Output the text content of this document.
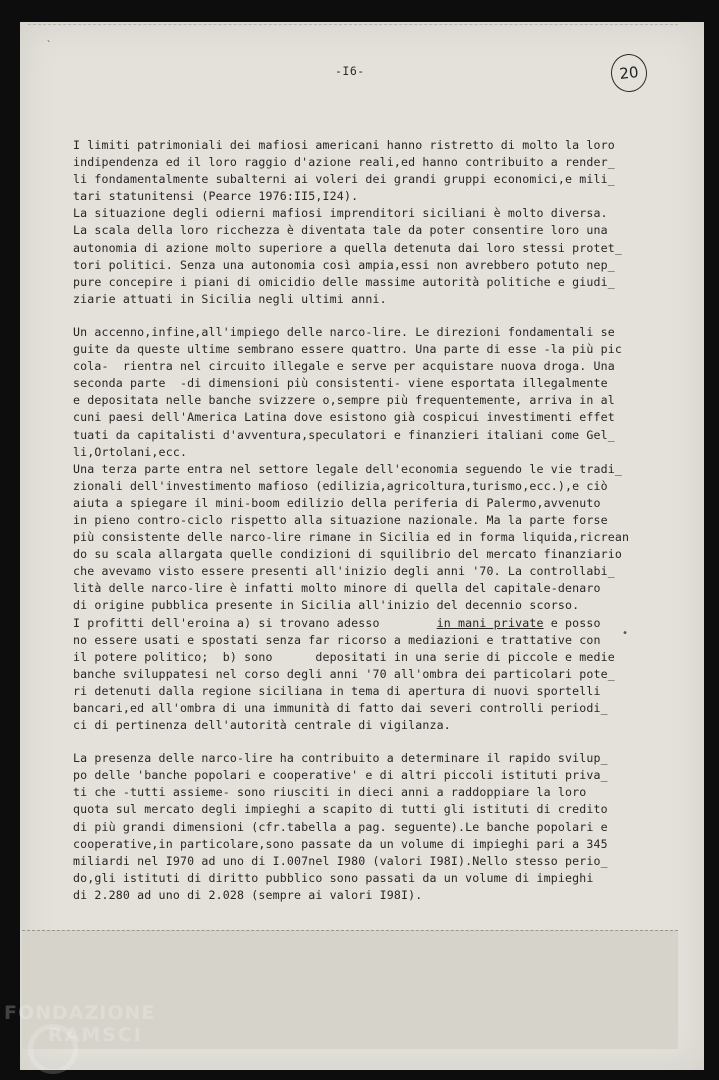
-I6-	20
I limiti patrimoniali dei mafiosi americani hanno ristretto di molto la loro
indipendenza ed il loro raggio d'azione reali,ed hanno contribuito a render_
li fondamentalmente subalterni ai voleri dei grandi gruppi economici,e mili_
tari statunitensi (Pearce 1976:II5,I24).
La situazione degli odierni mafiosi imprenditori siciliani è molto diversa.
La scala della loro ricchezza è diventata tale da poter consentire loro una
autonomia di azione molto superiore a quella detenuta dai loro stessi protet_
tori politici. Senza una autonomia così ampia,essi non avrebbero potuto nep_
pure concepire i piani di omicidio delle massime autorità politiche e giudi_
ziarie attuati in Sicilia negli ultimi anni.
Un accenno,infine,all'impiego delle narco-lire. Le direzioni fondamentali se
guite da queste ultime sembrano essere quattro. Una parte di esse -la più pic
cola-  rientra nel circuito illegale e serve per acquistare nuova droga. Una
seconda parte  -di dimensioni più consistenti- viene esportata illegalmente
e depositata nelle banche svizzere o,sempre più frequentemente, arriva in al
cuni paesi dell'America Latina dove esistono già cospicui investimenti effet
tuati da capitalisti d'avventura,speculatori e finanzieri italiani come Gel_
li,Ortolani,ecc.
Una terza parte entra nel settore legale dell'economia seguendo le vie tradi_
zionali dell'investimento mafioso (edilizia,agricoltura,turismo,ecc.),e ciò
aiuta a spiegare il mini-boom edilizio della periferia di Palermo,avvenuto
in pieno contro-ciclo rispetto alla situazione nazionale. Ma la parte forse
più consistente delle narco-lire rimane in Sicilia ed in forma liquida,ricrean
do su scala allargata quelle condizioni di squilibrio del mercato finanziario
che avevamo visto essere presenti all'inizio degli anni '70. La controllabi_
lità delle narco-lire è infatti molto minore di quella del capitale-denaro
di origine pubblica presente in Sicilia all'inizio del decennio scorso.
I profitti dell'eroina a) si trovano adesso        in mani private e posso
no essere usati e spostati senza far ricorso a mediazioni e trattative con
il potere politico;  b) sono      depositati in una serie di piccole e medie
banche sviluppatesi nel corso degli anni '70 all'ombra dei particolari pote_
ri detenuti dalla regione siciliana in tema di apertura di nuovi sportelli
bancari,ed all'ombra di una immunità di fatto dai severi controlli periodi_
ci di pertinenza dell'autorità centrale di vigilanza.
La presenza delle narco-lire ha contribuito a determinare il rapido svilup_
po delle 'banche popolari e cooperative' e di altri piccoli istituti priva_
ti che -tutti assieme- sono riusciti in dieci anni a raddoppiare la loro
quota sul mercato degli impieghi a scapito di tutti gli istituti di credito
di più grandi dimensioni (cfr.tabella a pag. seguente).Le banche popolari e
cooperative,in particolare,sono passate da un volume di impieghi pari a 345
miliardi nel I970 ad uno di I.007nel I980 (valori I98I).Nello stesso perio_
do,gli istituti di diritto pubblico sono passati da un volume di impieghi
di 2.280 ad uno di 2.028 (sempre ai valori I98I).
`
•
FONDAZIONE
RAMSCI
